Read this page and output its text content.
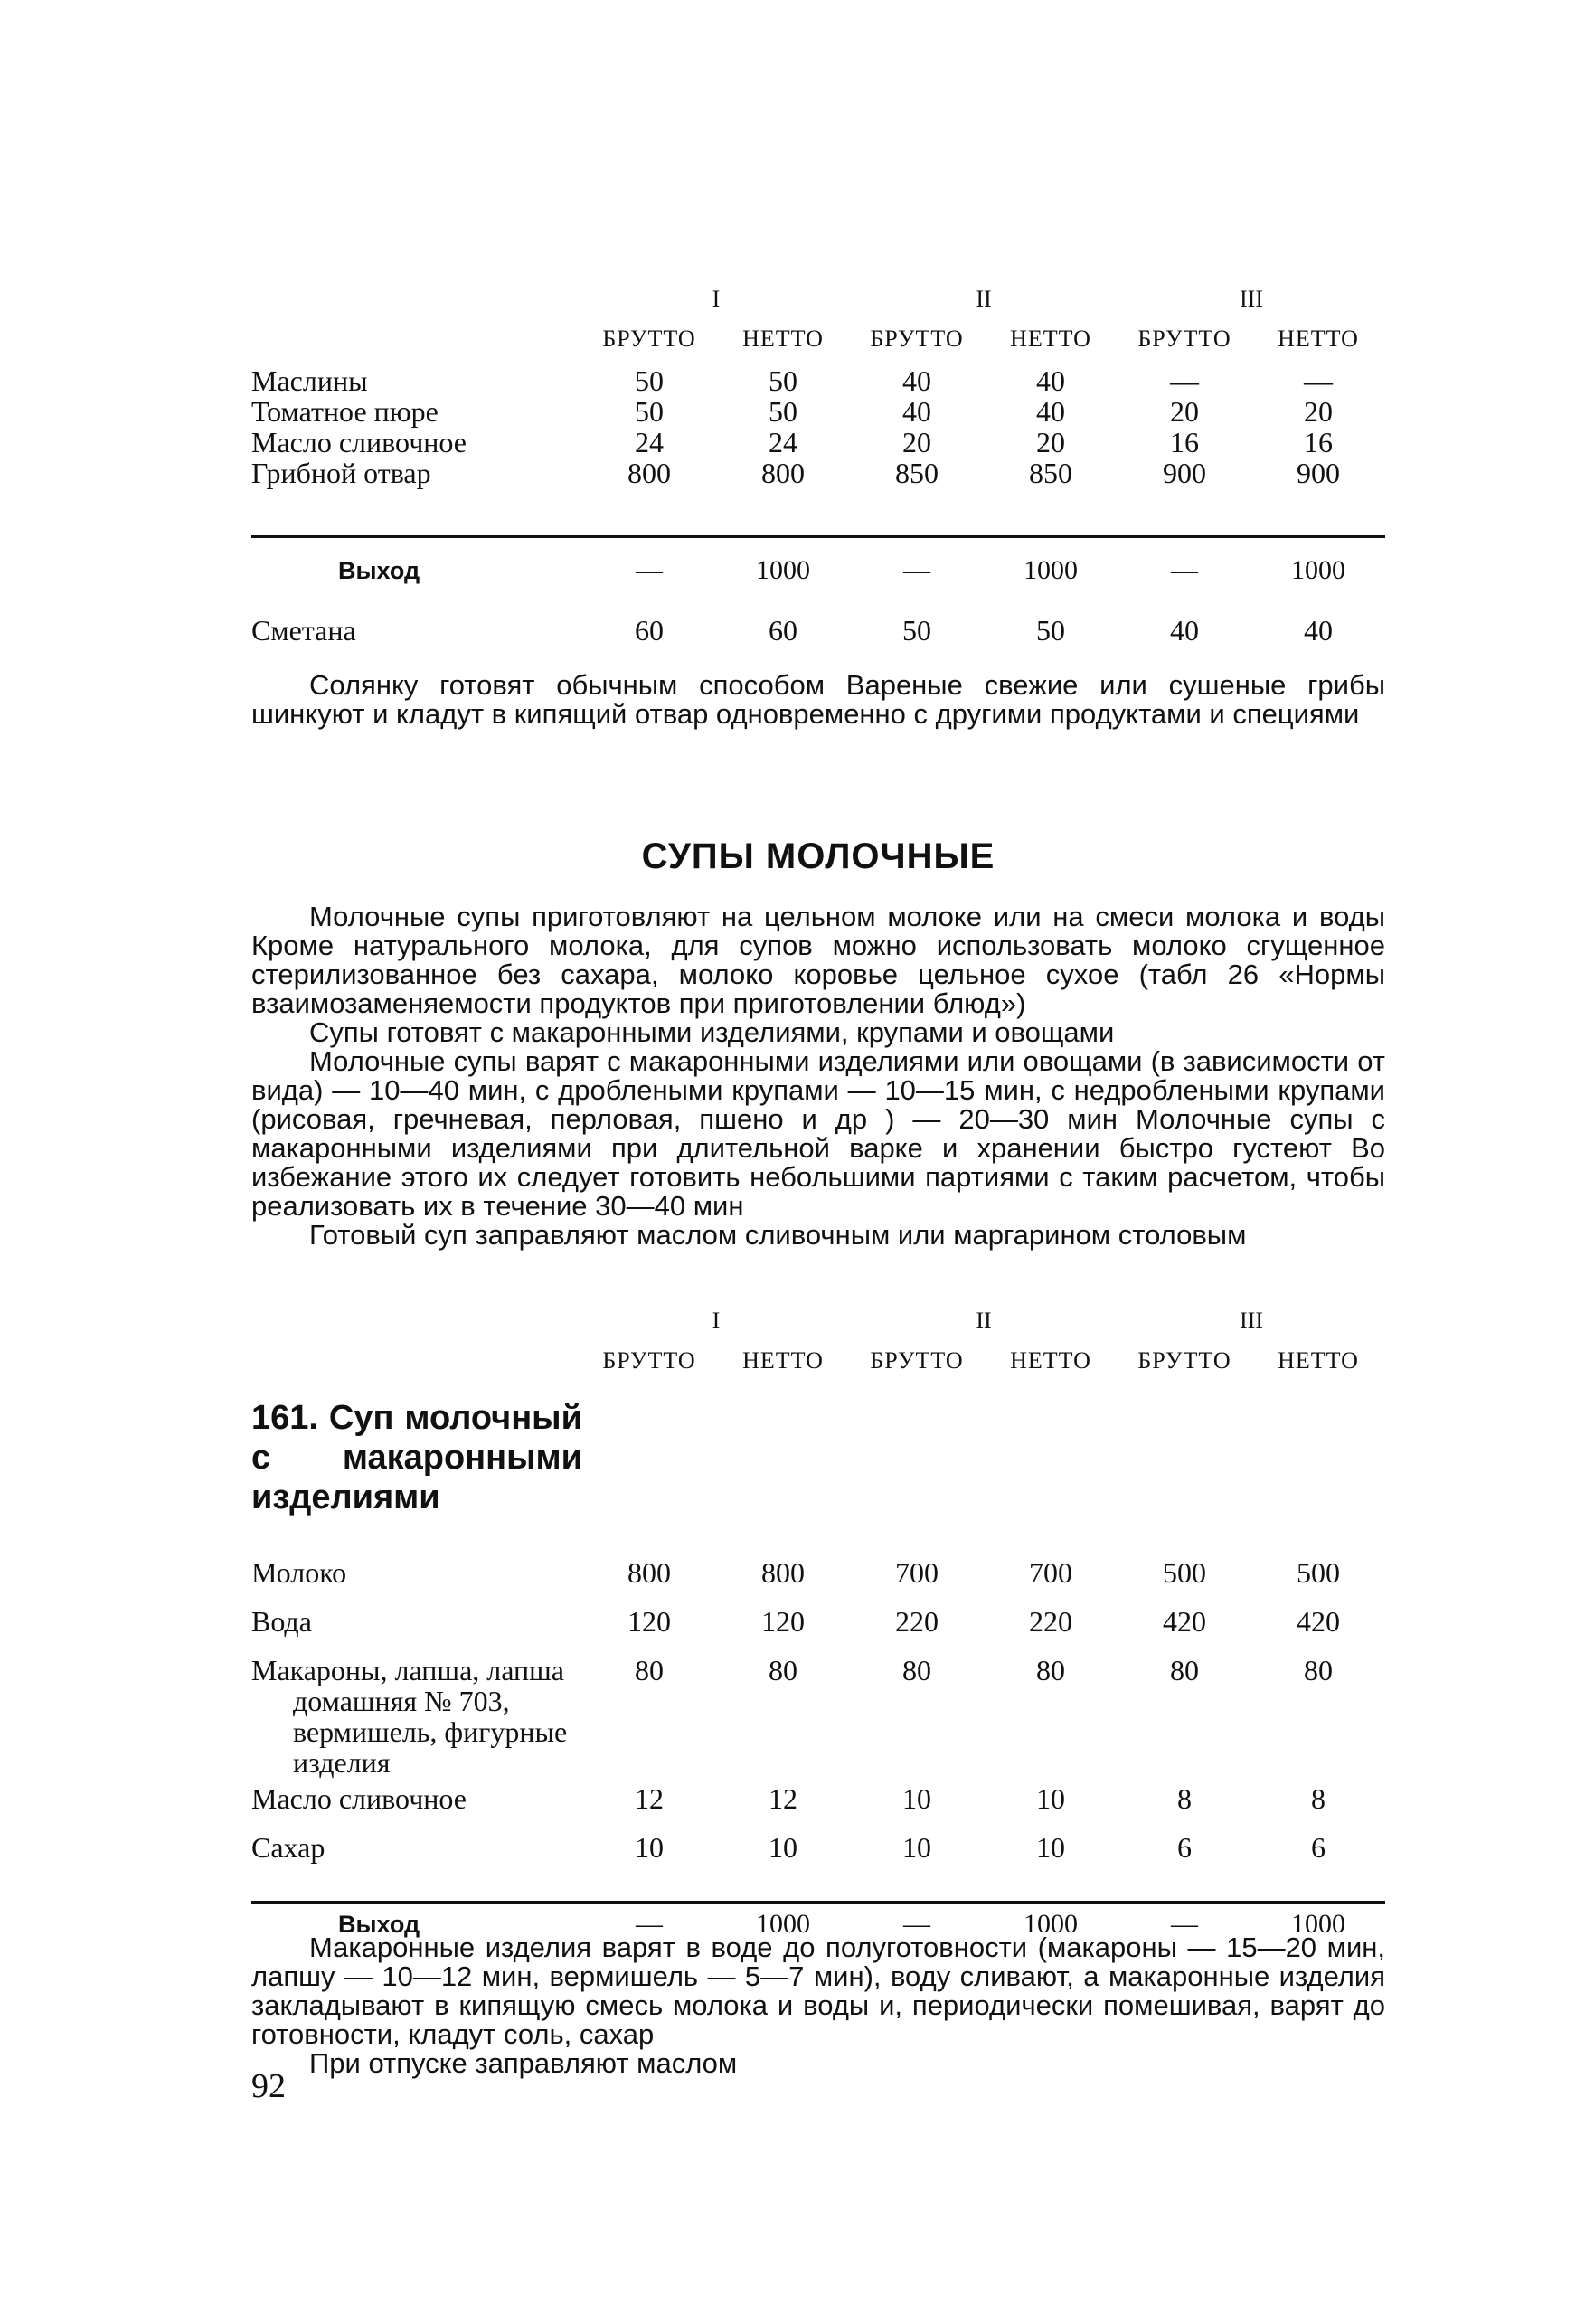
	I		II		III	
	БРУТТО	НЕТТО	БРУТТО	НЕТТО	БРУТТО	НЕТТО
Маслины	50	50	40	40	—	—
Томатное пюре	50	50	40	40	20	20
Масло сливочное	24	24	20	20	16	16
Грибной отвар	800	800	850	850	900	900

Выход	—	1000	—	1000	—	1000
Сметана	60	60	50	50	40	40

Солянку готовят обычным способом Вареные свежие или сушеные грибы шинкуют и кладут в кипящий отвар одновременно с другими продуктами и специями

СУПЫ МОЛОЧНЫЕ

Молочные супы приготовляют на цельном молоке или на смеси молока и воды Кроме натурального молока, для супов можно использовать молоко сгущенное стерилизованное без сахара, молоко коровье цельное сухое (табл 26 «Нормы взаимозаменяемости продуктов при приготовлении блюд»)

Супы готовят с макаронными изделиями, крупами и овощами

Молочные супы варят с макаронными изделиями или овощами (в зависимости от вида) — 10—40 мин, с дроблеными крупами — 10—15 мин, с недроблеными крупами (рисовая, гречневая, перловая, пшено и др ) — 20—30 мин Молочные супы с макаронными изделиями при длительной варке и хранении быстро густеют Во избежание этого их следует готовить небольшими партиями с таким расчетом, чтобы реализовать их в течение 30—40 мин

Готовый суп заправляют маслом сливочным или маргарином столовым

	I		II		III	
	БРУТТО	НЕТТО	БРУТТО	НЕТТО	БРУТТО	НЕТТО

161. Суп молочный с макаронными изделиями						

Молоко	800	800	700	700	500	500
Вода	120	120	220	220	420	420

Макароны, лапша, лапша домашняя № 703, вермишель, фигурные изделия	80	80	80	80	80	80
Масло сливочное	12	12	10	10	8	8
Сахар	10	10	10	10	6	6

Выход	—	1000	—	1000	—	1000

Макаронные изделия варят в воде до полуготовности (макароны — 15—20 мин, лапшу — 10—12 мин, вермишель — 5—7 мин), воду сливают, а макаронные изделия закладывают в кипящую смесь молока и воды и, периодически помешивая, варят до готовности, кладут соль, сахар

При отпуске заправляют маслом

92
